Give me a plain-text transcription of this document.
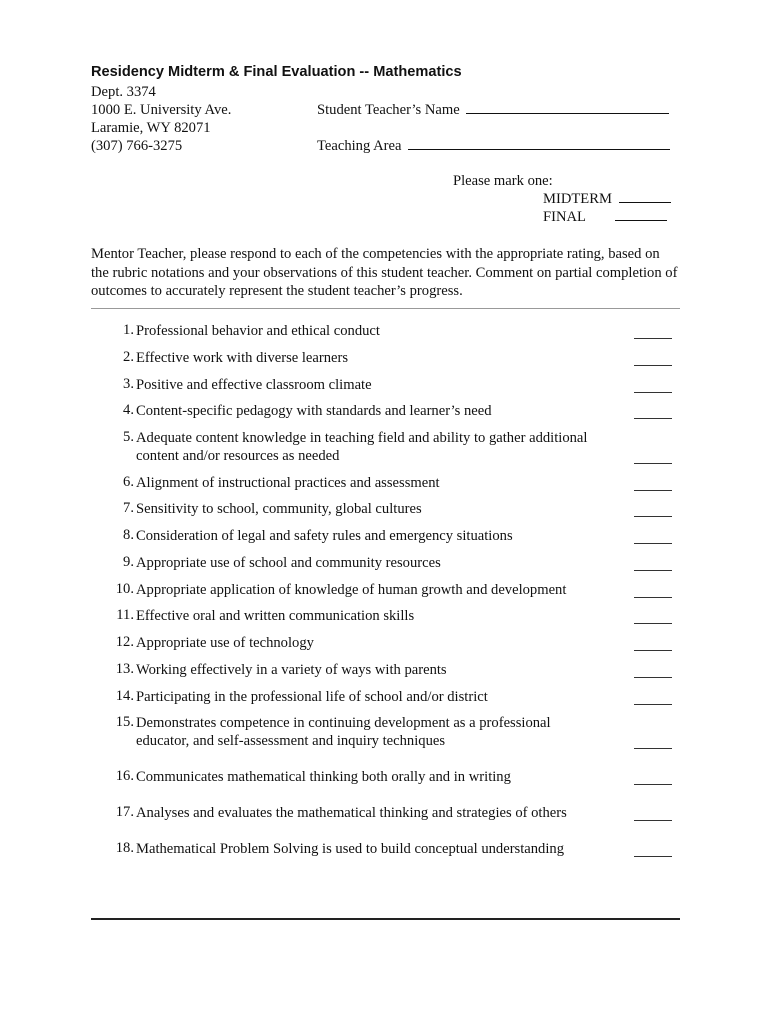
Residency Midterm & Final Evaluation -- Mathematics
Dept. 3374
1000 E. University Ave.
Laramie, WY 82071
(307) 766-3275
Student Teacher’s Name
Teaching Area
Please mark one:
MIDTERM
FINAL
Mentor Teacher, please respond to each of the competencies with the appropriate rating, based on the rubric notations and your observations of this student teacher. Comment on partial completion of outcomes to accurately represent the student teacher’s progress.
1. Professional behavior and ethical conduct
2. Effective work with diverse learners
3. Positive and effective classroom climate
4. Content-specific pedagogy with standards and learner’s need
5. Adequate content knowledge in teaching field and ability to gather additional
content and/or resources as needed
6. Alignment of instructional practices and assessment
7. Sensitivity to school, community, global cultures
8. Consideration of legal and safety rules and emergency situations
9. Appropriate use of school and community resources
10. Appropriate application of knowledge of human growth and development
11. Effective oral and written communication skills
12. Appropriate use of technology
13. Working effectively in a variety of ways with parents
14. Participating in the professional life of school and/or district
15. Demonstrates competence in continuing development as a professional
educator, and self-assessment and inquiry techniques
16. Communicates mathematical thinking both orally and in writing
17. Analyses and evaluates the mathematical thinking and strategies of others
18. Mathematical Problem Solving is used to build conceptual understanding
